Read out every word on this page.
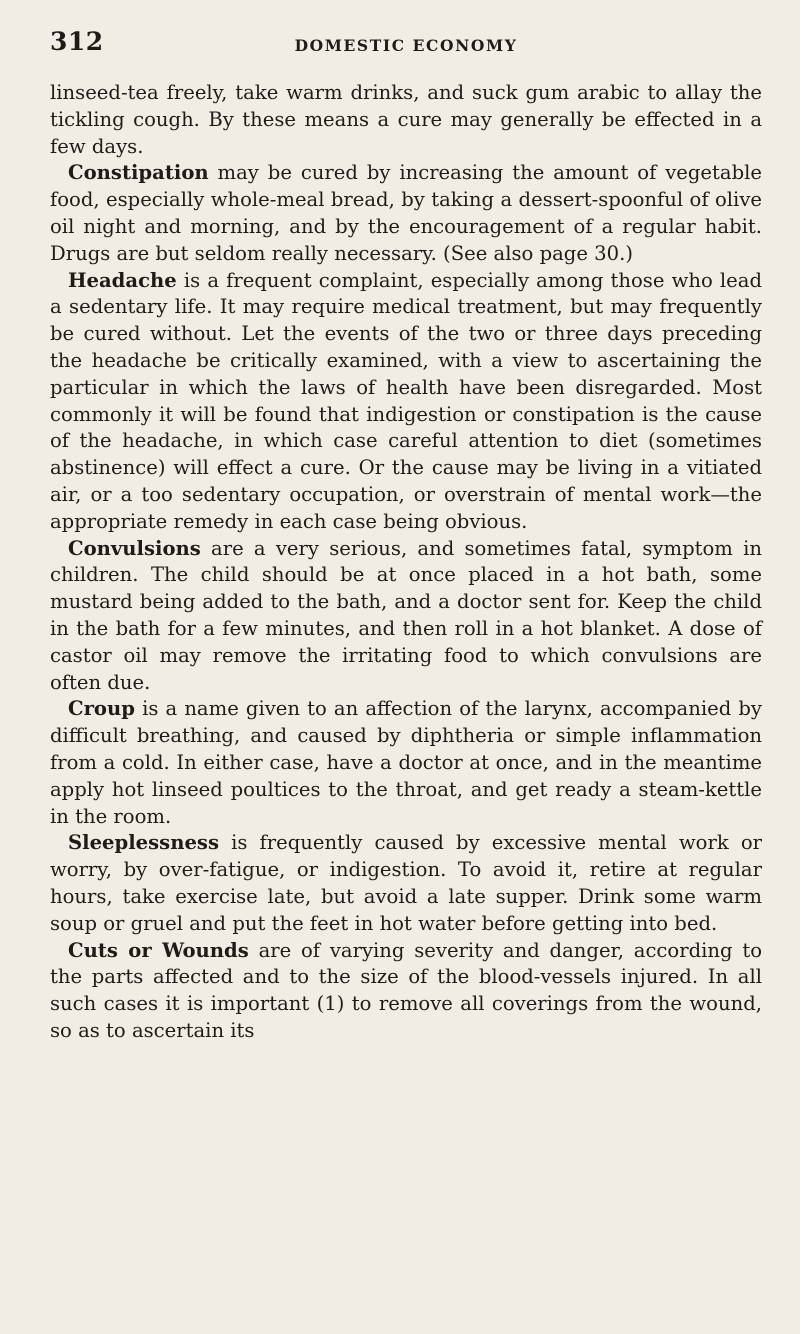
312	DOMESTIC ECONOMY

linseed-tea freely, take warm drinks, and suck gum arabic to allay the tickling cough. By these means a cure may generally be effected in a few days.

Constipation may be cured by increasing the amount of vegetable food, especially whole-meal bread, by taking a dessert-spoonful of olive oil night and morning, and by the encouragement of a regular habit. Drugs are but seldom really necessary. (See also page 30.)

Headache is a frequent complaint, especially among those who lead a sedentary life. It may require medical treatment, but may frequently be cured without. Let the events of the two or three days preceding the headache be critically examined, with a view to ascertaining the particular in which the laws of health have been disregarded. Most commonly it will be found that indigestion or constipation is the cause of the headache, in which case careful attention to diet (sometimes abstinence) will effect a cure. Or the cause may be living in a vitiated air, or a too sedentary occupation, or overstrain of mental work—the appropriate remedy in each case being obvious.

Convulsions are a very serious, and sometimes fatal, symptom in children. The child should be at once placed in a hot bath, some mustard being added to the bath, and a doctor sent for. Keep the child in the bath for a few minutes, and then roll in a hot blanket. A dose of castor oil may remove the irritating food to which convulsions are often due.

Croup is a name given to an affection of the larynx, accompanied by difficult breathing, and caused by diphtheria or simple inflammation from a cold. In either case, have a doctor at once, and in the meantime apply hot linseed poultices to the throat, and get ready a steam-kettle in the room.

Sleeplessness is frequently caused by excessive mental work or worry, by over-fatigue, or indigestion. To avoid it, retire at regular hours, take exercise late, but avoid a late supper. Drink some warm soup or gruel and put the feet in hot water before getting into bed.

Cuts or Wounds are of varying severity and danger, according to the parts affected and to the size of the blood-vessels injured. In all such cases it is important (1) to remove all coverings from the wound, so as to ascertain its
